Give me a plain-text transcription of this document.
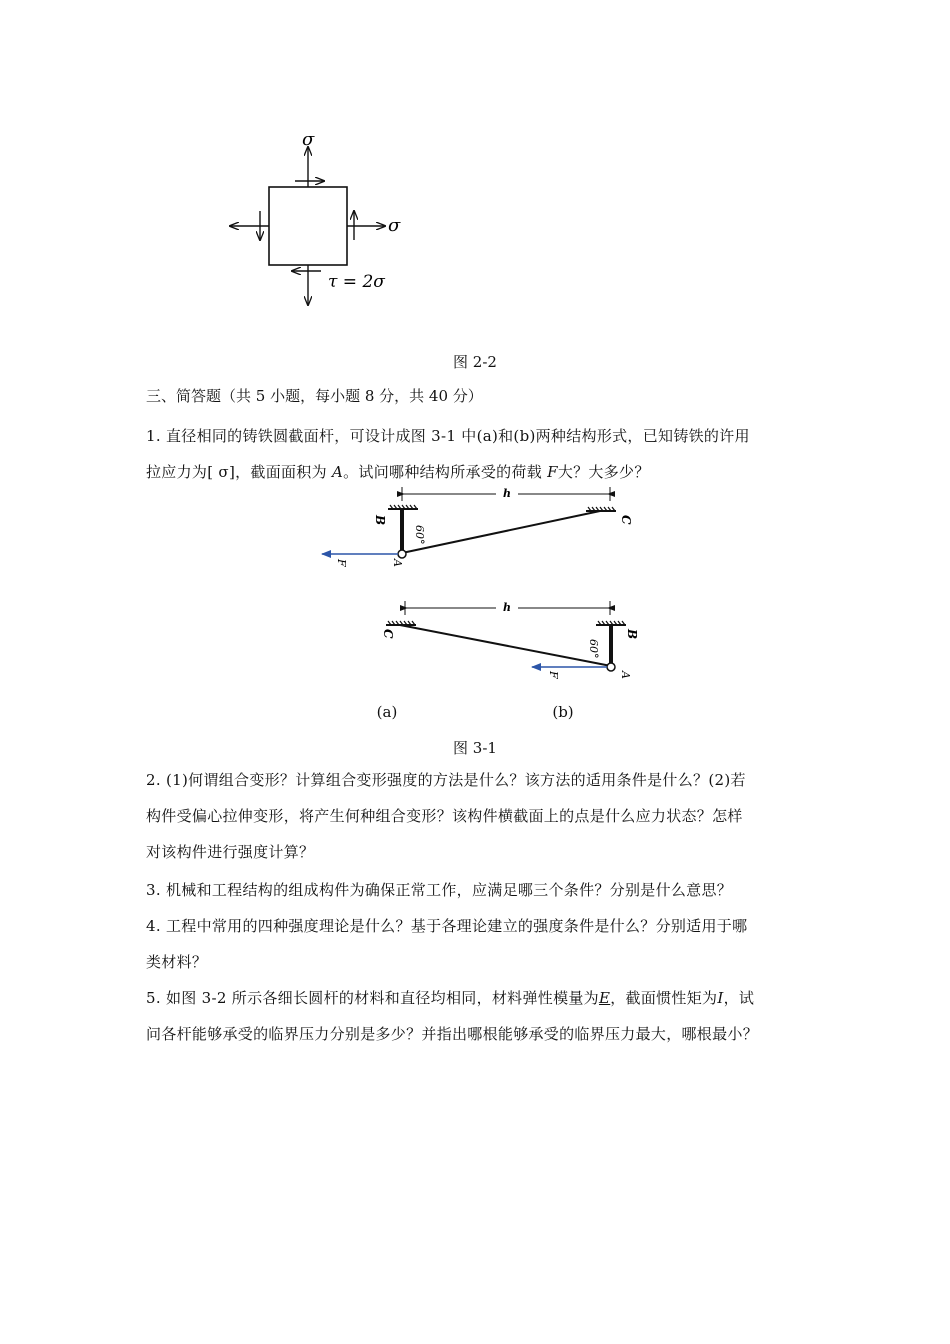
σ
σ
τ = 2σ
图 2-2
三、简答题（共 5 小题，每小题 8 分，共 40 分）

1. 直径相同的铸铁圆截面杆，可设计成图 3-1 中(a)和(b)两种结构形式，已知铸铁的许用

拉应力为[ σ]，截面面积为 A。试问哪种结构所承受的荷载 F大？大多少？

h
B	C
A
F
60°
h
C	B
A
F
60°
(a)	(b)
图 3-1

2. (1)何谓组合变形？计算组合变形强度的方法是什么？该方法的适用条件是什么？(2)若

构件受偏心拉伸变形，将产生何种组合变形？该构件横截面上的点是什么应力状态？怎样

对该构件进行强度计算？

3. 机械和工程结构的组成构件为确保正常工作，应满足哪三个条件？分别是什么意思？

4. 工程中常用的四种强度理论是什么？基于各理论建立的强度条件是什么？分别适用于哪

类材料？

5. 如图 3-2 所示各细长圆杆的材料和直径均相同，材料弹性模量为E，截面惯性矩为I，试

问各杆能够承受的临界压力分别是多少？并指出哪根能够承受的临界压力最大，哪根最小？
